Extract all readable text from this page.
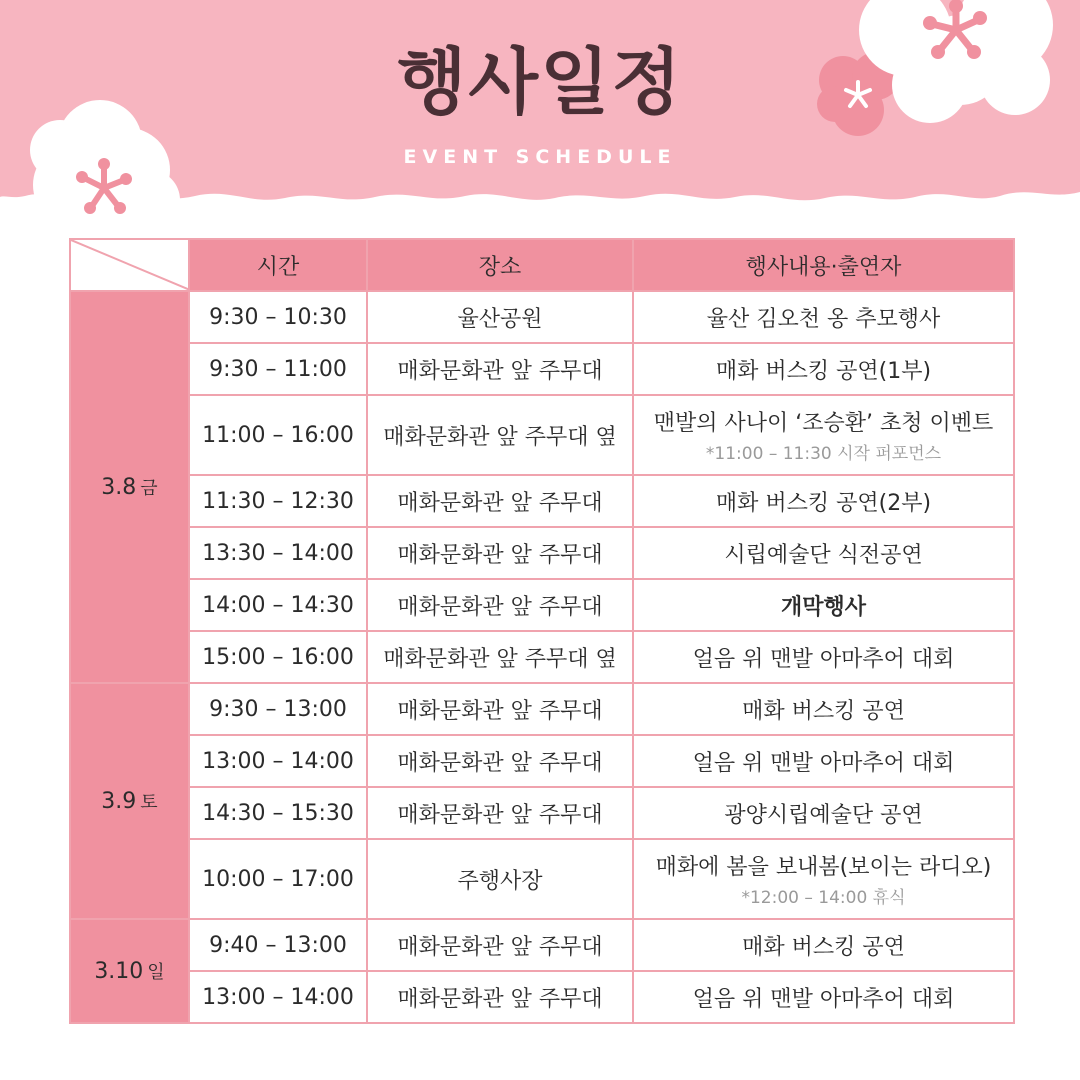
행사일정
EVENT SCHEDULE
	시간	장소	행사내용·출연자
3.8 금	9:30 – 10:30	율산공원	율산 김오천 옹 추모행사
	9:30 – 11:00	매화문화관 앞 주무대	매화 버스킹 공연(1부)
	11:00 – 16:00	매화문화관 앞 주무대 옆	맨발의 사나이 ‘조승환’ 초청 이벤트
*11:00 – 11:30 시작 퍼포먼스

	11:30 – 12:30	매화문화관 앞 주무대	매화 버스킹 공연(2부)
	13:30 – 14:00	매화문화관 앞 주무대	시립예술단 식전공연
	14:00 – 14:30	매화문화관 앞 주무대	개막행사
	15:00 – 16:00	매화문화관 앞 주무대 옆	얼음 위 맨발 아마추어 대회
3.9 토	9:30 – 13:00	매화문화관 앞 주무대	매화 버스킹 공연
	13:00 – 14:00	매화문화관 앞 주무대	얼음 위 맨발 아마추어 대회
	14:30 – 15:30	매화문화관 앞 주무대	광양시립예술단 공연
	10:00 – 17:00	주행사장	매화에 봄을 보내봄(보이는 라디오)
*12:00 – 14:00 휴식

3.10 일	9:40 – 13:00	매화문화관 앞 주무대	매화 버스킹 공연
	13:00 – 14:00	매화문화관 앞 주무대	얼음 위 맨발 아마추어 대회
